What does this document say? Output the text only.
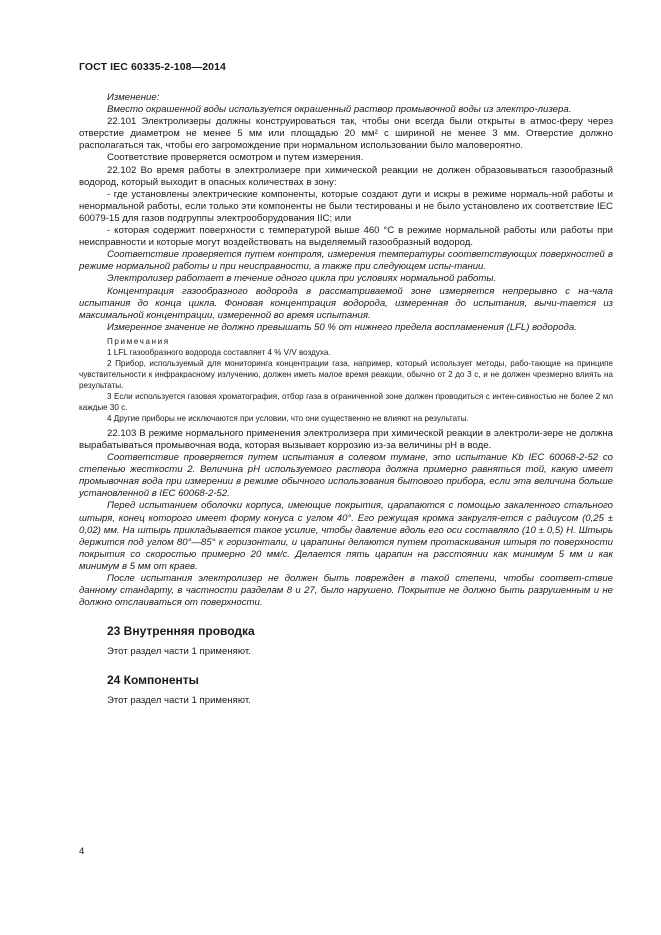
ГОСТ IEC 60335-2-108—2014

Изменение:

Вместо окрашенной воды используется окрашенный раствор промывочной воды из электро-лизера.

22.101 Электролизеры должны конструироваться так, чтобы они всегда были открыты в атмос-феру через отверстие диаметром не менее 5 мм или площадью 20 мм² с шириной не менее 3 мм. Отверстие должно располагаться так, чтобы его загромождение при нормальном использовании было маловероятно.

Соответствие проверяется осмотром и путем измерения.

22.102 Во время работы в электролизере при химической реакции не должен образовываться газообразный водород, который выходит в опасных количествах в зону:

- где установлены электрические компоненты, которые создают дуги и искры в режиме нормаль-ной работы и ненормальной работы, если только эти компоненты не были тестированы и не было установлено их соответствие IEC 60079-15 для газов подгруппы электрооборудования IIC; или

- которая содержит поверхности с температурой выше 460 °С в режиме нормальной работы или работы при неисправности и которые могут воздействовать на выделяемый газообразный водород.

Соответствие проверяется путем контроля, измерения температуры соответствующих поверхностей в режиме нормальной работы и при неисправности, а также при следующем испы-тании.

Электролизер работает в течение одного цикла при условиях нормальной работы.

Концентрация газообразного водорода в рассматриваемой зоне измеряется непрерывно с на-чала испытания до конца цикла. Фоновая концентрация водорода, измеренная до испытания, вычи-тается из максимальной концентрации, измеренной во время испытания.

Измеренное значение не должно превышать 50 % от нижнего предела воспламенения (LFL) водорода.

Примечания

1 LFL газообразного водорода составляет 4 % V/V воздуха.

2 Прибор, используемый для мониторинга концентрации газа, например, который использует методы, рабо-тающие на принципе чувствительности к инфракрасному излучению, должен иметь малое время реакции, обычно от 2 до 3 с, и не должен чрезмерно влиять на результаты.

3 Если используется газовая хроматография, отбор газа в ограниченной зоне должен проводиться с интен-сивностью не более 2 мл каждые 30 с.

4 Другие приборы не исключаются при условии, что они существенно не влияют на результаты.

22.103 В режиме нормального применения электролизера при химической реакции в электроли-зере не должна вырабатываться промывочная вода, которая вызывает коррозию из-за величины pH в воде.

Соответствие проверяется путем испытания в солевом тумане, это испытание Kb IEC 60068-2-52 со степенью жесткости 2. Величина pH используемого раствора должна примерно равняться той, какую имеет промывочная вода при измерении в режиме обычного использования бытового прибора, если эта величина больше установленной в IEC 60068-2-52.

Перед испытанием оболочки корпуса, имеющие покрытия, царапаются с помощью закаленного стального штыря, конец которого имеет форму конуса с углом 40°. Его режущая кромка закругля-ется с радиусом (0,25 ± 0,02) мм. На штырь прикладывается такое усилие, чтобы давление вдоль его оси составляло (10 ± 0,5) Н. Штырь держится под углом 80°—85° к горизонтали, и царапины делаются путем протаскивания штыря по поверхности покрытия со скоростью примерно 20 мм/с. Делается пять царапин на расстоянии как минимум 5 мм и как минимум в 5 мм от краев.

После испытания электролизер не должен быть поврежден в такой степени, чтобы соответ-ствие данному стандарту, в частности разделам 8 и 27, было нарушено. Покрытие не должно быть разрушенным и не должно отслаиваться от поверхности.

23 Внутренняя проводка

Этот раздел части 1 применяют.

24 Компоненты

Этот раздел части 1 применяют.

4
